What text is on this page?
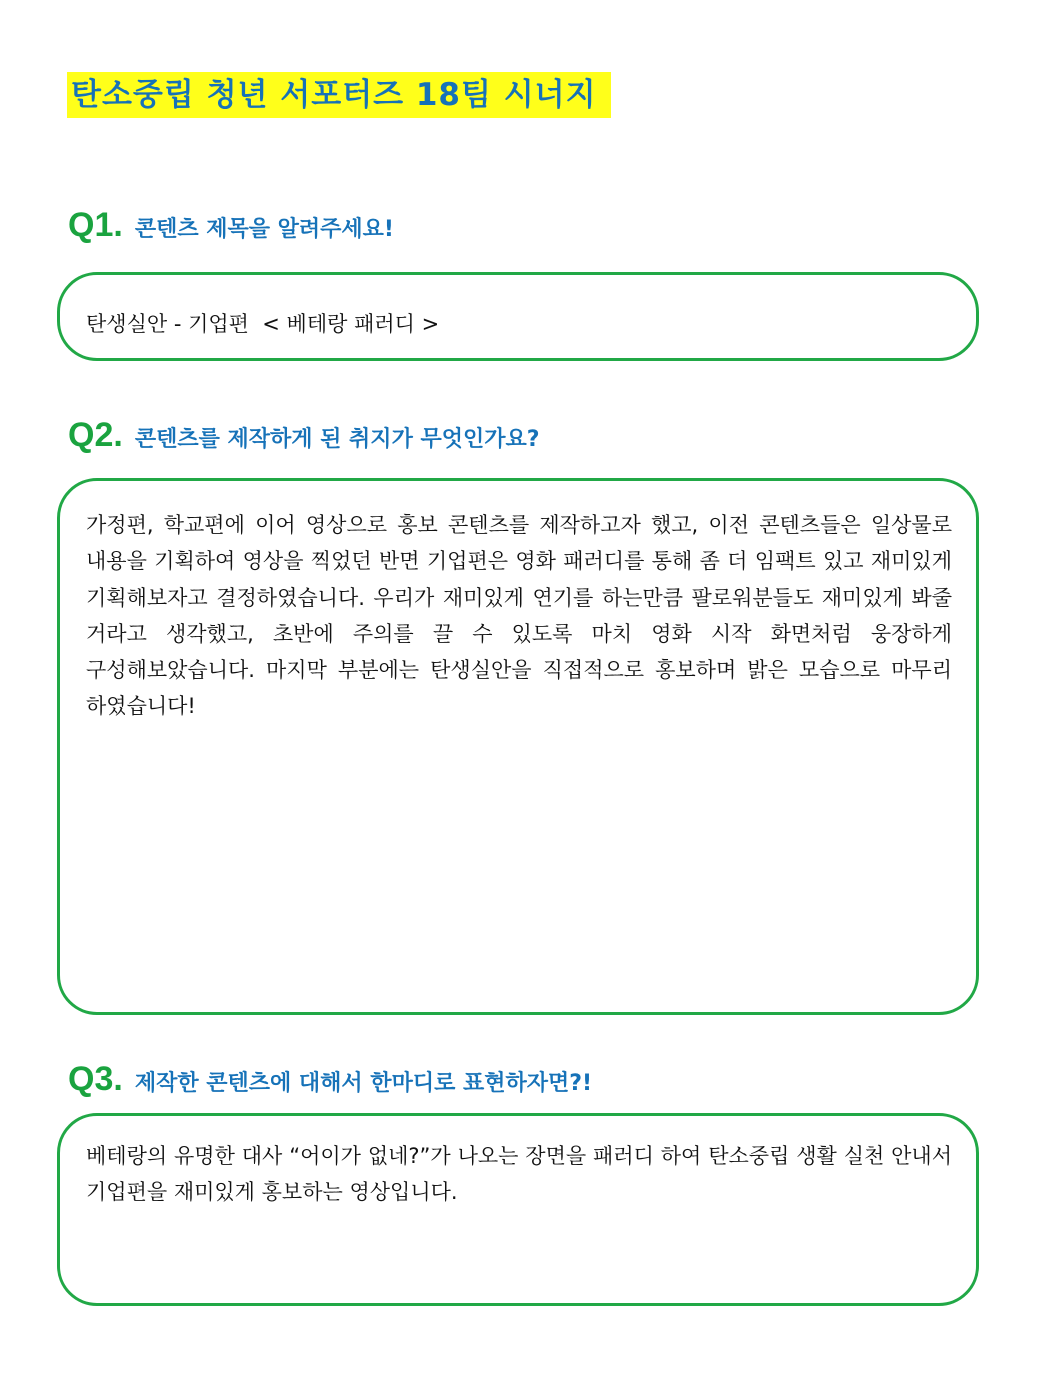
탄소중립 청년 서포터즈 18팀 시너지
Q1. 콘텐츠 제목을 알려주세요!
탄생실안 - 기업편  < 베테랑 패러디 >
Q2. 콘텐츠를 제작하게 된 취지가 무엇인가요?
가정편, 학교편에 이어 영상으로 홍보 콘텐츠를 제작하고자 했고, 이전 콘텐츠들은 일상물로 내용을 기획하여 영상을 찍었던 반면 기업편은 영화 패러디를 통해 좀 더 임팩트 있고 재미있게 기획해보자고 결정하였습니다. 우리가 재미있게 연기를 하는만큼 팔로워분들도 재미있게 봐줄 거라고 생각했고, 초반에 주의를 끌 수 있도록 마치 영화 시작 화면처럼 웅장하게 구성해보았습니다. 마지막 부분에는 탄생실안을 직접적으로 홍보하며 밝은 모습으로 마무리 하였습니다!
Q3. 제작한 콘텐츠에 대해서 한마디로 표현하자면?!
베테랑의 유명한 대사 “어이가 없네?”가 나오는 장면을 패러디 하여 탄소중립 생활 실천 안내서 기업편을 재미있게 홍보하는 영상입니다.
